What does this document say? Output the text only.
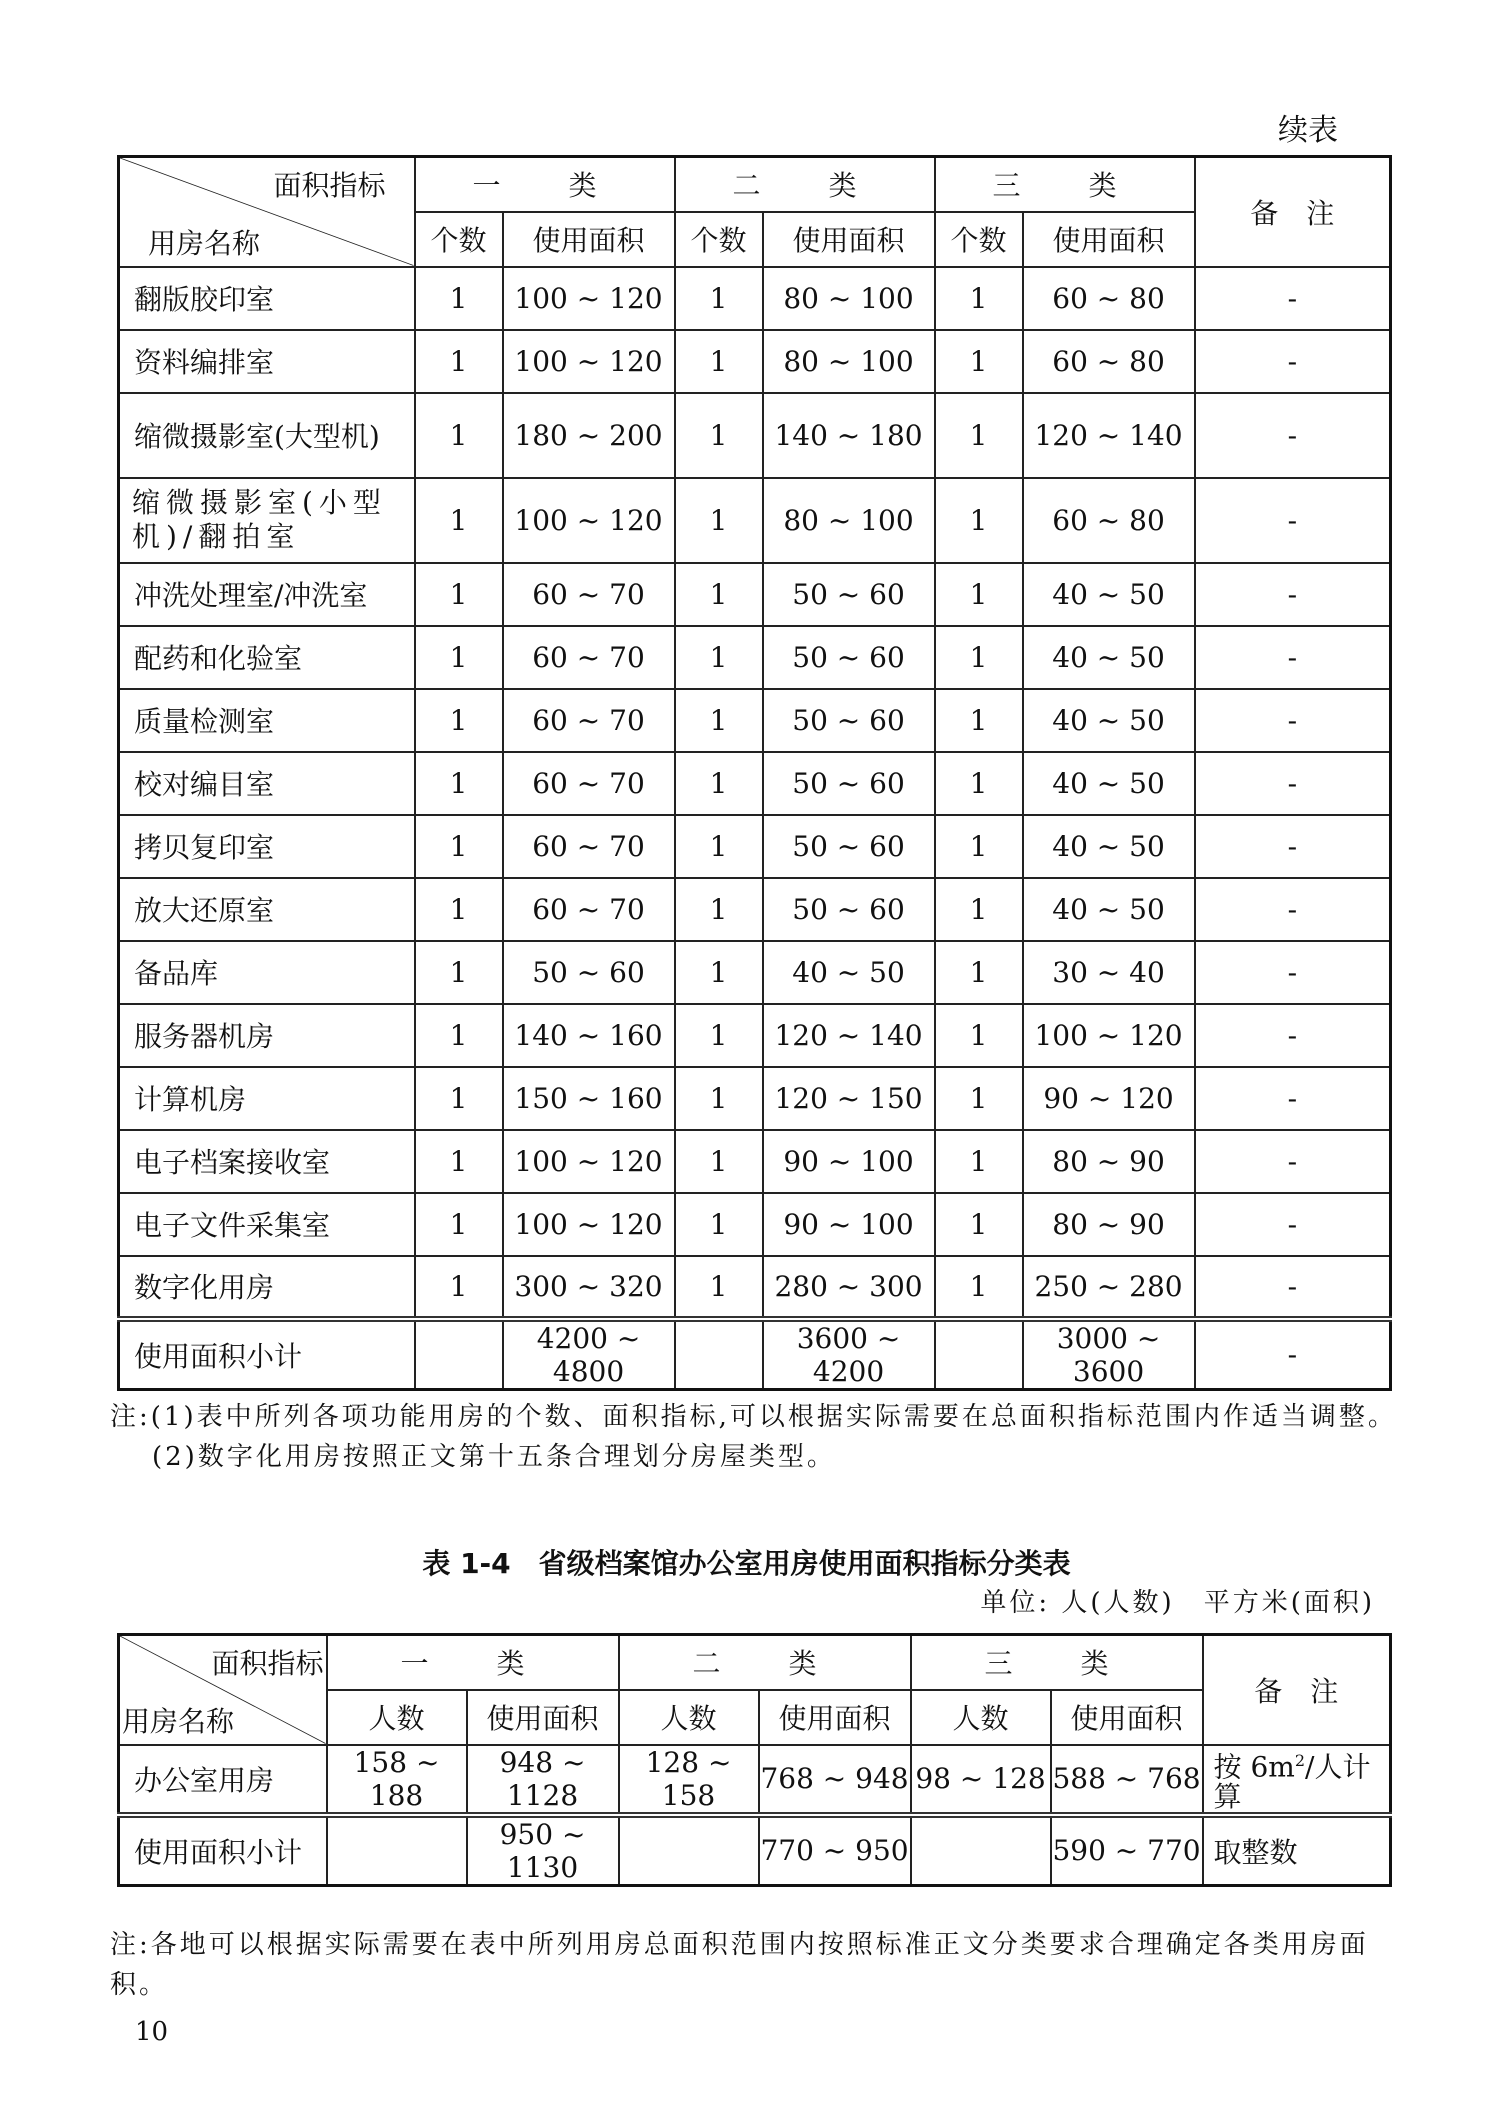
续表
面积指标
用房名称	一　类		二　类		三　类		备　注
	个数	使用面积	个数	使用面积	个数	使用面积	
翻版胶印室	1	100 ~ 120	1	80 ~ 100	1	60 ~ 80	-
资料编排室	1	100 ~ 120	1	80 ~ 100	1	60 ~ 80	-
缩微摄影室(大型机)	1	180 ~ 200	1	140 ~ 180	1	120 ~ 140	-
缩微摄影室(小型机)/翻拍室	1	100 ~ 120	1	80 ~ 100	1	60 ~ 80	-
冲洗处理室/冲洗室	1	60 ~ 70	1	50 ~ 60	1	40 ~ 50	-
配药和化验室	1	60 ~ 70	1	50 ~ 60	1	40 ~ 50	-
质量检测室	1	60 ~ 70	1	50 ~ 60	1	40 ~ 50	-
校对编目室	1	60 ~ 70	1	50 ~ 60	1	40 ~ 50	-
拷贝复印室	1	60 ~ 70	1	50 ~ 60	1	40 ~ 50	-
放大还原室	1	60 ~ 70	1	50 ~ 60	1	40 ~ 50	-
备品库	1	50 ~ 60	1	40 ~ 50	1	30 ~ 40	-
服务器机房	1	140 ~ 160	1	120 ~ 140	1	100 ~ 120	-
计算机房	1	150 ~ 160	1	120 ~ 150	1	90 ~ 120	-
电子档案接收室	1	100 ~ 120	1	90 ~ 100	1	80 ~ 90	-
电子文件采集室	1	100 ~ 120	1	90 ~ 100	1	80 ~ 90	-
数字化用房	1	300 ~ 320	1	280 ~ 300	1	250 ~ 280	-
使用面积小计		4200 ~ 4800		3600 ~ 4200		3000 ~ 3600	-
注:(1)表中所列各项功能用房的个数、面积指标,可以根据实际需要在总面积指标范围内作适当调整。
(2)数字化用房按照正文第十五条合理划分房屋类型。
表 1-4　省级档案馆办公室用房使用面积指标分类表
单位: 人(人数)　平方米(面积)
面积指标
用房名称	一　类		二　类		三　类		备　注
	人数	使用面积	人数	使用面积	人数	使用面积	
办公室用房	158 ~ 188	948 ~ 1128	128 ~ 158	768 ~ 948	98 ~ 128	588 ~ 768	按 $6m^2/$人计算
使用面积小计		950 ~ 1130		770 ~ 950		590 ~ 770	取整数
注:各地可以根据实际需要在表中所列用房总面积范围内按照标准正文分类要求合理确定各类用房面积。
10
